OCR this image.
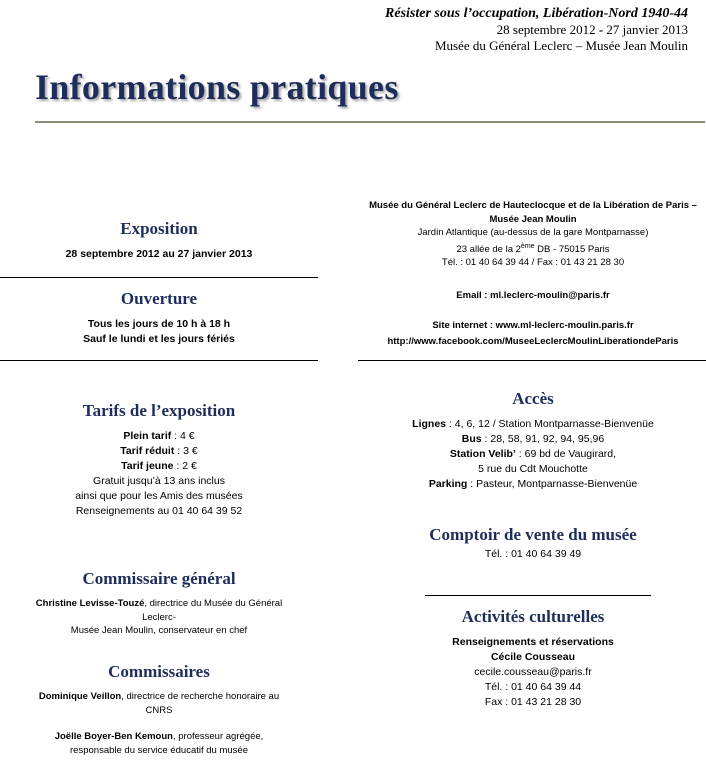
Résister sous l’occupation, Libération-Nord 1940-44
28 septembre 2012 - 27 janvier 2013
Musée du Général Leclerc – Musée Jean Moulin
Informations pratiques
Exposition
28 septembre 2012 au 27 janvier 2013
Ouverture
Tous les jours de 10 h à 18 h
Sauf le lundi et les jours fériés
Tarifs de l’exposition
Plein tarif : 4 €
Tarif réduit : 3 €
Tarif jeune : 2 €
Gratuit jusqu’à 13 ans inclus
ainsi que pour les Amis des musées
Renseignements au 01 40 64 39 52
Commissaire général
Christine Levisse-Touzé, directrice du Musée du Général
Leclerc-
Musée Jean Moulin, conservateur en chef
Commissaires
Dominique Veillon, directrice de recherche honoraire au
CNRS
Joëlle Boyer-Ben Kemoun, professeur agrégée,
responsable du service éducatif du musée
Musée du Général Leclerc de Hauteclocque et de la Libération de Paris –
Musée Jean Moulin
Jardin Atlantique (au-dessus de la gare Montparnasse)
23 allée de la 2ème DB - 75015 Paris
Tél. : 01 40 64 39 44 / Fax : 01 43 21 28 30
Email : ml.leclerc-moulin@paris.fr
Site internet : www.ml-leclerc-moulin.paris.fr
http://www.facebook.com/MuseeLeclercMoulinLiberationdeParis
Accès
Lignes : 4, 6, 12 / Station Montparnasse-Bienvenüe
Bus : 28, 58, 91, 92, 94, 95,96
Station Velib’ : 69 bd de Vaugirard,
5 rue du Cdt Mouchotte
Parking : Pasteur, Montparnasse-Bienvenüe
Comptoir de vente du musée
Tél. : 01 40 64 39 49
Activités culturelles
Renseignements et réservations
Cécile Cousseau
cecile.cousseau@paris.fr
Tél. : 01 40 64 39 44
Fax : 01 43 21 28 30
